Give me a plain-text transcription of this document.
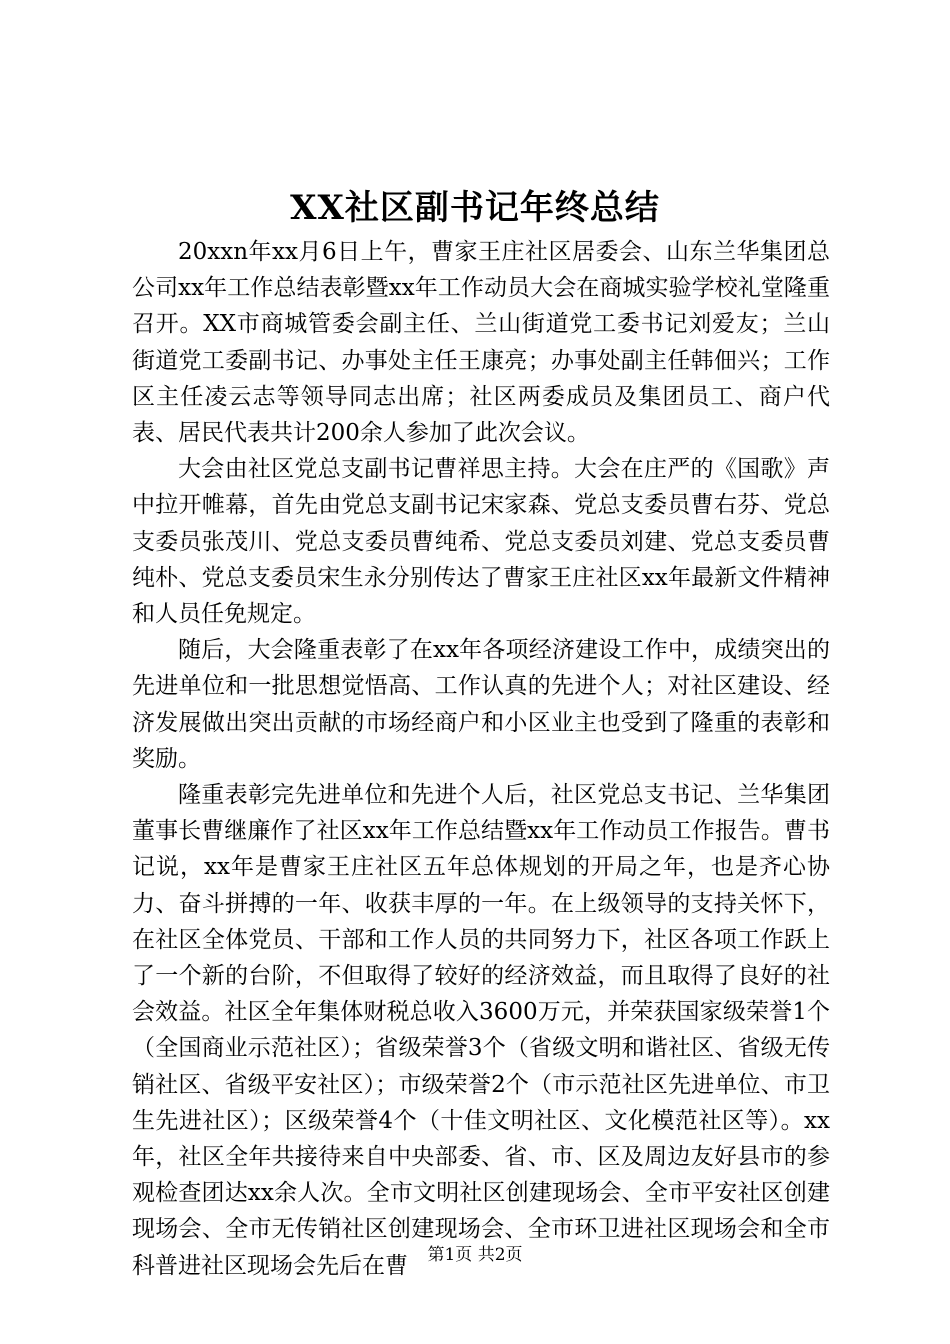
XX社区副书记年终总结

20xxn年xx月6日上午，曹家王庄社区居委会、山东兰华集团总公司xx年工作总结表彰暨xx年工作动员大会在商城实验学校礼堂隆重召开。XX市商城管委会副主任、兰山街道党工委书记刘爱友；兰山街道党工委副书记、办事处主任王康亮；办事处副主任韩佃兴；工作区主任凌云志等领导同志出席；社区两委成员及集团员工、商户代表、居民代表共计200余人参加了此次会议。

大会由社区党总支副书记曹祥思主持。大会在庄严的《国歌》声中拉开帷幕，首先由党总支副书记宋家森、党总支委员曹右芬、党总支委员张茂川、党总支委员曹纯希、党总支委员刘建、党总支委员曹纯朴、党总支委员宋生永分别传达了曹家王庄社区xx年最新文件精神和人员任免规定。

随后，大会隆重表彰了在xx年各项经济建设工作中，成绩突出的先进单位和一批思想觉悟高、工作认真的先进个人；对社区建设、经济发展做出突出贡献的市场经商户和小区业主也受到了隆重的表彰和奖励。

隆重表彰完先进单位和先进个人后，社区党总支书记、兰华集团董事长曹继廉作了社区xx年工作总结暨xx年工作动员工作报告。曹书记说，xx年是曹家王庄社区五年总体规划的开局之年，也是齐心协力、奋斗拼搏的一年、收获丰厚的一年。在上级领导的支持关怀下，在社区全体党员、干部和工作人员的共同努力下，社区各项工作跃上了一个新的台阶，不但取得了较好的经济效益，而且取得了良好的社会效益。社区全年集体财税总收入3600万元，并荣获国家级荣誉1个（全国商业示范社区）；省级荣誉3个（省级文明和谐社区、省级无传销社区、省级平安社区）；市级荣誉2个（市示范社区先进单位、市卫生先进社区）；区级荣誉4个（十佳文明社区、文化模范社区等）。xx年，社区全年共接待来自中央部委、省、市、区及周边友好县市的参观检查团达xx余人次。全市文明社区创建现场会、全市平安社区创建现场会、全市无传销社区创建现场会、全市环卫进社区现场会和全市科普进社区现场会先后在曹	第1页 共2页
